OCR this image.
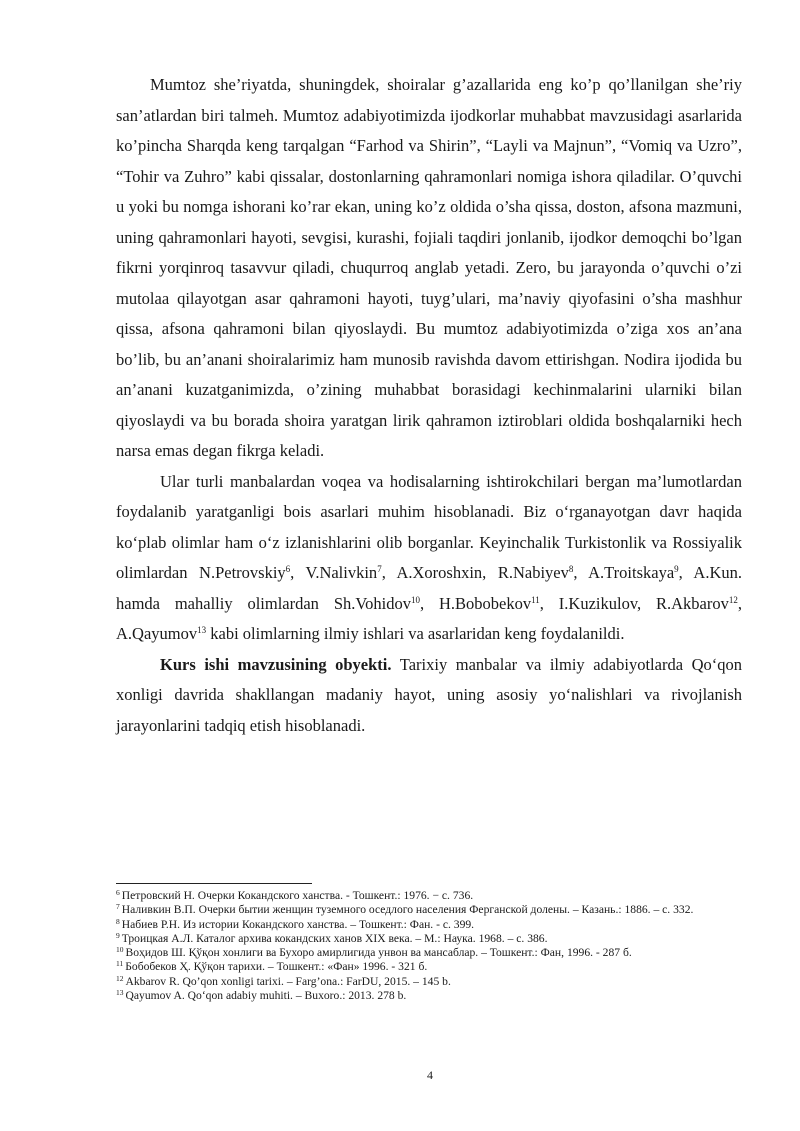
Mumtoz she’riyatda, shuningdek, shoiralar g’azallarida eng ko’p qo’llanilgan she’riy san’atlardan biri talmeh. Mumtoz adabiyotimizda ijodkorlar muhabbat mavzusidagi asarlarida ko’pincha Sharqda keng tarqalgan “Farhod va Shirin”, “Layli va Majnun”, “Vomiq va Uzro”, “Tohir va Zuhro” kabi qissalar, dostonlarning qahramonlari nomiga ishora qiladilar. O’quvchi u yoki bu nomga ishorani ko’rar ekan, uning ko’z oldida o’sha qissa, doston, afsona mazmuni, uning qahramonlari hayoti, sevgisi, kurashi, fojiali taqdiri jonlanib, ijodkor demoqchi bo’lgan fikrni yorqinroq tasavvur qiladi, chuqurroq anglab yetadi. Zero, bu jarayonda o’quvchi o’zi mutolaa qilayotgan asar qahramoni hayoti, tuyg’ulari, ma’naviy qiyofasini o’sha mashhur qissa, afsona qahramoni bilan qiyoslaydi. Bu mumtoz adabiyotimizda o’ziga xos an’ana bo’lib, bu an’anani shoiralarimiz ham munosib ravishda davom ettirishgan. Nodira ijodida bu an’anani kuzatganimizda, o’zining muhabbat borasidagi kechinmalarini ularniki bilan qiyoslaydi va bu borada shoira yaratgan lirik qahramon iztiroblari oldida boshqalarniki hech narsa emas degan fikrga keladi.

Ular turli manbalardan voqea va hodisalarning ishtirokchilari bergan ma’lumotlardan foydalanib yaratganligi bois asarlari muhim hisoblanadi. Biz o‘rganayotgan davr haqida ko‘plab olimlar ham o‘z izlanishlarini olib borganlar. Keyinchalik Turkistonlik va Rossiyalik olimlardan N.Petrovskiy$^6$, V.Nalivkin$^7$, A.Xoroshxin, R.Nabiyev$^8$, A.Troitskaya$^9$, A.Kun. hamda mahalliy olimlardan Sh.Vohidov$^{10}$, H.Bobobekov$^{11}$, I.Kuzikulov, R.Akbarov$^{12}$, A.Qayumov$^{13}$ kabi olimlarning ilmiy ishlari va asarlaridan keng foydalanildi.

Kurs ishi mavzusining obyekti. Tarixiy manbalar va ilmiy adabiyotlarda Qo‘qon xonligi davrida shakllangan madaniy hayot, uning asosiy yo‘nalishlari va rivojlanish jarayonlarini tadqiq etish hisoblanadi.

$^6$ Петровский Н. Очерки Кокандского ханства. - Тошкент.: 1976. − с. 736.

$^7$ Наливкин В.П. Очерки бытии женщин туземного оседлого населения Ферганской долены. – Казань.: 1886. – с. 332.

$^8$ Набиев Р.Н. Из истории Кокандского ханства. – Тошкент.: Фан. - с. 399.

$^9$ Троицкая А.Л. Каталог архива кокандских ханов XIX века. – М.: Наука. 1968. – с. 386.

$^{10}$ Воҳидов Ш. Қўқон хонлиги ва Бухоро амирлигида унвон ва мансаблар. – Тошкент.: Фан, 1996. - 287 б.

$^{11}$ Бобобеков Ҳ. Қўқон тарихи. – Тошкент.: «Фан» 1996. - 321 б.

$^{12}$ Akbarov R. Qo’qon xonligi tarixi. – Farg’ona.: FarDU, 2015. – 145 b.

$^{13}$ Qayumov A. Qo‘qon adabiy muhiti. – Buxoro.: 2013. 278 b.

4
